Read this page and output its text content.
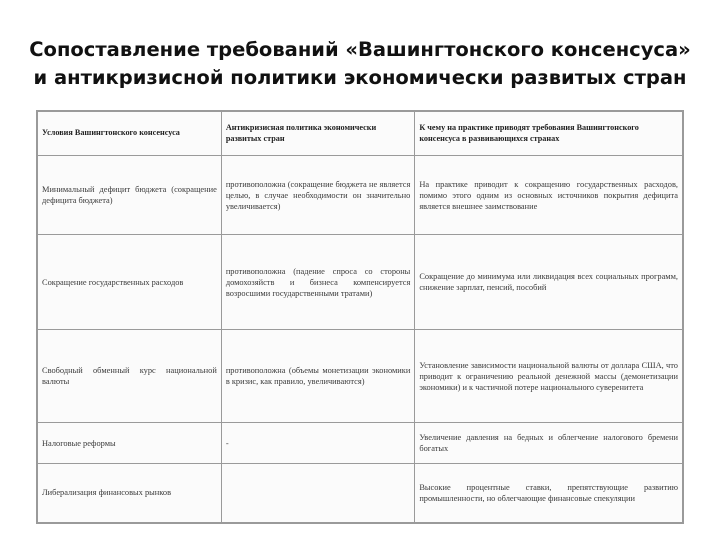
Сопоставление требований «Вашингтонского консенсуса»
и антикризисной политики экономически развитых стран
Условия Вашингтонского консенсуса	Антикризисная политика экономически развитых стран	К чему на практике приводят требования Вашингтонского консенсуса в развивающихся странах
Минимальный дефицит бюджета (сокращение дефицита бюджета)	противоположна (сокращение бюджета не является целью, в случае необходимости он значительно увеличивается)	На практике приводит к сокращению государственных расходов, помимо этого одним из основных источников покрытия дефицита является внешнее заимствование
Сокращение государственных расходов	противоположна (падение спроса со стороны домохозяйств и бизнеса компенсируется возросшими государственными тратами)	Сокращение до минимума или ликвидация всех социальных программ, снижение зарплат, пенсий, пособий
Свободный обменный курс национальной валюты	противоположна (объемы монетизации экономики в кризис, как правило, увеличиваются)	Установление зависимости национальной валюты от доллара США, что приводит к ограничению реальной денежной массы (демонетизации экономики) и к частичной потере национального суверенитета
Налоговые реформы	-	Увеличение давления на бедных и облегчение налогового бремени богатых
Либерализация финансовых рынков		Высокие процентные ставки, препятствующие развитию промышленности, но облегчающие финансовые спекуляции
